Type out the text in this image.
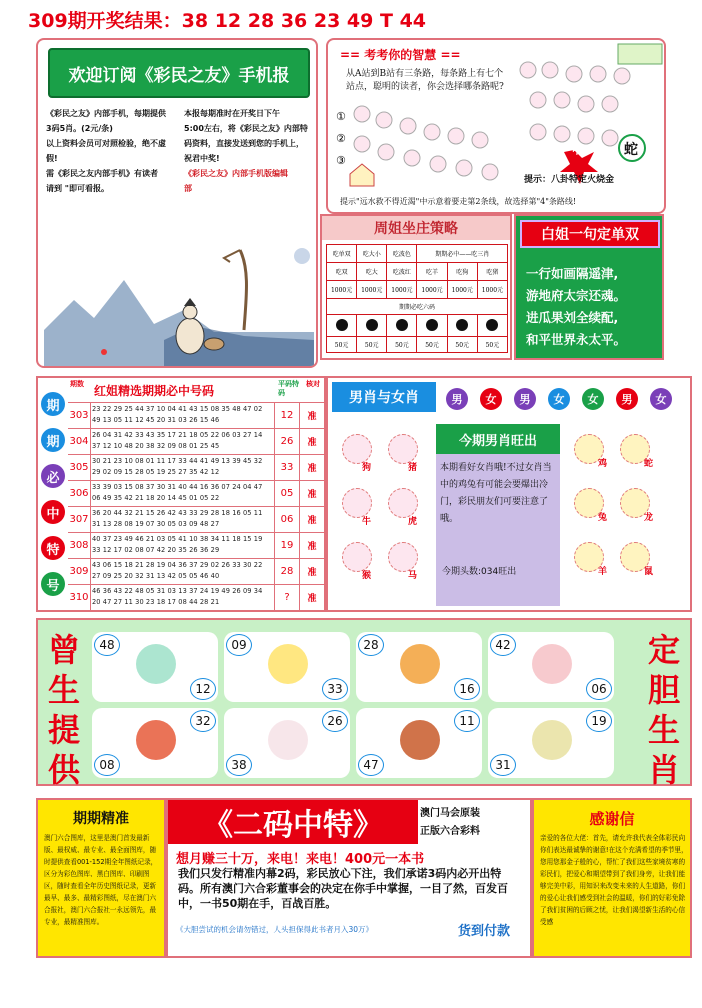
309期开奖结果：38 12 28 36 23 49 T 44
欢迎订阅《彩民之友》手机报
《彩民之友》内部手机，每期提供
3码5肖。(2元/条)
以上资料会员可对照检验，绝不虚
假!
需《彩民之友内部手机》有读者
请到 "即可看报。
本报每期准时在开奖日下午
5:00左右，将《彩民之友》内部特
码资料，直接发送到您的手机上，
祝君中奖!
《彩民之友》内部手机版编辑
部
== 考考你的智慧 ==
从A站到B站有三条路，每条路上有七个站点，聪明的读者，你会选择哪条路呢?
①
②
③
中	蛇
提示：八卦特定火烧金
提示"远水救不得近渴"中示意着要走第2条线，故选择第"4"条路线!
周姐坐庄策略
吃单双	吃大小	吃波色	期期必中——吃三肖		
吃双	吃大	吃波红	吃羊	吃狗	吃猪
1000元	1000元	1000元	1000元	1000元	1000元
期期必吃六码					

50元	50元	50元	50元	50元	50元
白姐一句定单双
一行如画隔遥津,
游地府太宗还魂。
进瓜果刘全续配,
和平世界永太平。
期
期
必
中
特
号
期数 红姐精选期期必中号码	平码特码
核对
303
23 22 29 25 44 37 10 04 41 43 15 08 35 48 47 02 49 13 05 11 12 45 20 31 03 26 15 46	12	准
304
26 04 31 42 33 43 35 17 21 18 05 22 06 03 27 14 37 12 10 48 20 38 32 09 08 01 25 45	26	准
305
30 21 23 10 08 01 11 17 33 44 41 49 13 39 45 32 29 02 09 15 28 05 19 25 27 35 42 12	33	准
306
33 39 03 15 08 37 30 31 40 44 16 36 07 24 04 47 06 49 35 42 21 18 20 14 45 01 05 22	05	准
307
36 20 44 32 21 15 26 42 43 33 29 28 18 16 05 11 31 13 28 08 19 07 30 05 03 09 48 27	06	准
308
40 37 23 49 46 21 03 05 41 10 38 34 11 18 15 19 33 12 17 02 08 07 42 20 35 26 36 29	19	准
309
43 06 15 18 21 28 19 04 36 37 29 02 26 33 30 22 27 09 25 20 32 31 13 42 05 05 46 40	28	准
310
46 36 43 22 48 05 31 03 13 37 24 19 49 26 09 34 20 47 27 11 30 23 18 17 08 44 28 21	?	准
男肖与女肖	男	女	男	女	女	男	女
今期男肖旺出
本期看好女肖哦!不过女肖当中的鸡兔有可能会要爆出冷门，彩民朋友们可要注意了哦。
今期头数:034旺出
狗	猪
牛	虎
猴	马
鸡	蛇
兔	龙
羊	鼠
曾
生
提
供
定
胆
生
肖
48
12
09
33
28
16
42
06
32
08
26
38
11
47
19
31
期期精准
澳门六合图库，这里是澳门首发最新版、最权威、最专业、最全面图库，随时提供查看001-152期全年图纸记录，区分为彩色图库、黑白图库、印刷图区，随时查看全年历史图纸记录，更新最早、最多、最精彩图纸，尽在澳门六合报社，澳门六合报社一永远领先，最专业，最精准图库。
《二码中特》	澳门马会原装
正版六合彩料
想月赚三十万，来电！来电！400元一本书
我们只发行精准内幕2码，彩民放心下注，我们承诺3码内必开出特码。所有澳门六合彩董事会的决定在你手中掌握，一目了然，百发百中，一书50期在手，百战百胜。
《大胆尝试的机会请勿错过，人头担保得此书者月入30万》	货到付款
感谢信
亲爱的各位大佬：首先，请允许我代表全体彩民向你们表达最诚挚的谢意!在这个充满希望的季节里，您用您那金子般的心，帮忙了我们这些家境贫寒的彩民们，把爱心和期望带到了我们身旁，让我们能够完美中彩，用知识来改变未来的人生道路，你们的爱心让我们感受到社会的温暖，你们的好彩免除了我们贫困的后顾之忧，让我们渴望新生活的心信受感
